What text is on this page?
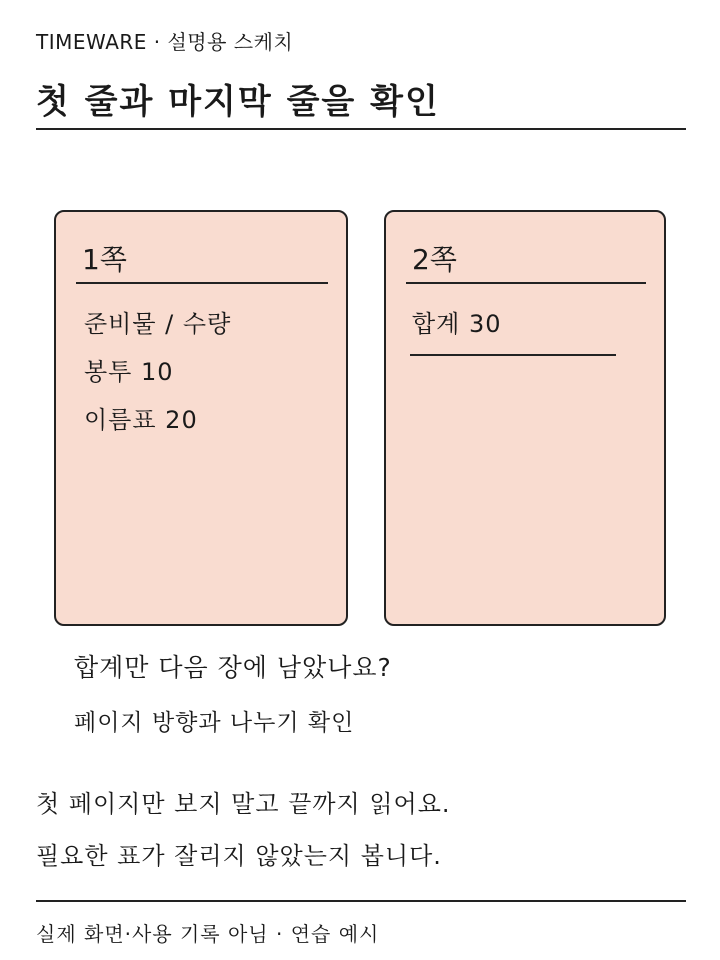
TIMEWARE · 설명용 스케치
첫 줄과 마지막 줄을 확인
1쪽
준비물 / 수량
봉투 10
이름표 20
2쪽
합계 30
합계만 다음 장에 남았나요?
페이지 방향과 나누기 확인
첫 페이지만 보지 말고 끝까지 읽어요.
필요한 표가 잘리지 않았는지 봅니다.
실제 화면·사용 기록 아님 · 연습 예시
